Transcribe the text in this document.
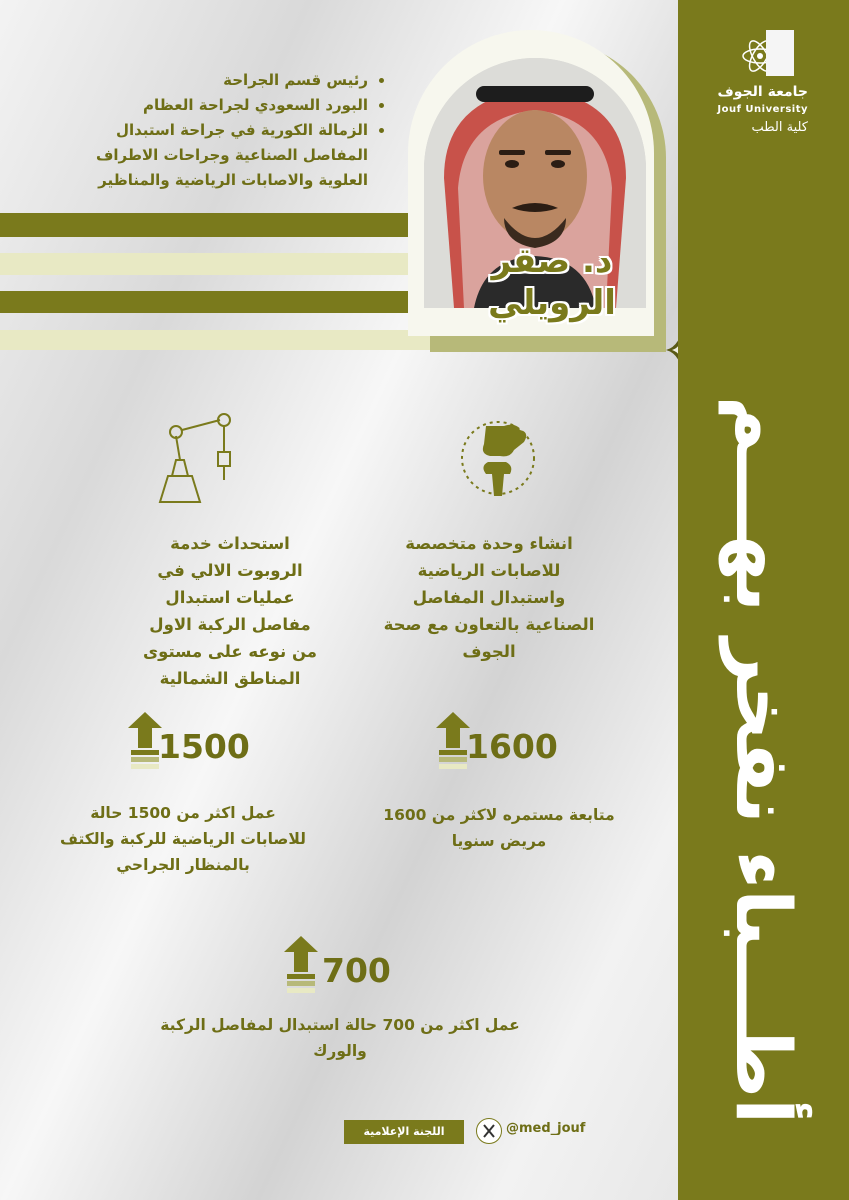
• رئيس قسم الجراحة
• البورد السعودي لجراحة العظام
• الزمالة الكورية في جراحة استبدال المفاصل الصناعية وجراحات الاطراف العلوية والاصابات الرياضية والمناظير
د. صقر الرويلي
جامعة الجوف
Jouf University
كلية الطب
أطـــباء نفخر بهـــم
استحداث خدمة الروبوت الالي في عمليات استبدال مفاصل الركبة الاول من نوعه على مستوى المناطق الشمالية
انشاء وحدة متخصصة للاصابات الرياضية واستبدال المفاصل الصناعية بالتعاون مع صحة الجوف
1500
عمل اكثر من 1500 حالة للاصابات الرياضية للركبة والكتف بالمنظار الجراحي
1600
متابعة مستمره لاكثر من 1600 مريض سنويا
700
عمل اكثر من 700 حالة استبدال لمفاصل الركبة والورك
اللجنة الإعلامية	@med_jouf
